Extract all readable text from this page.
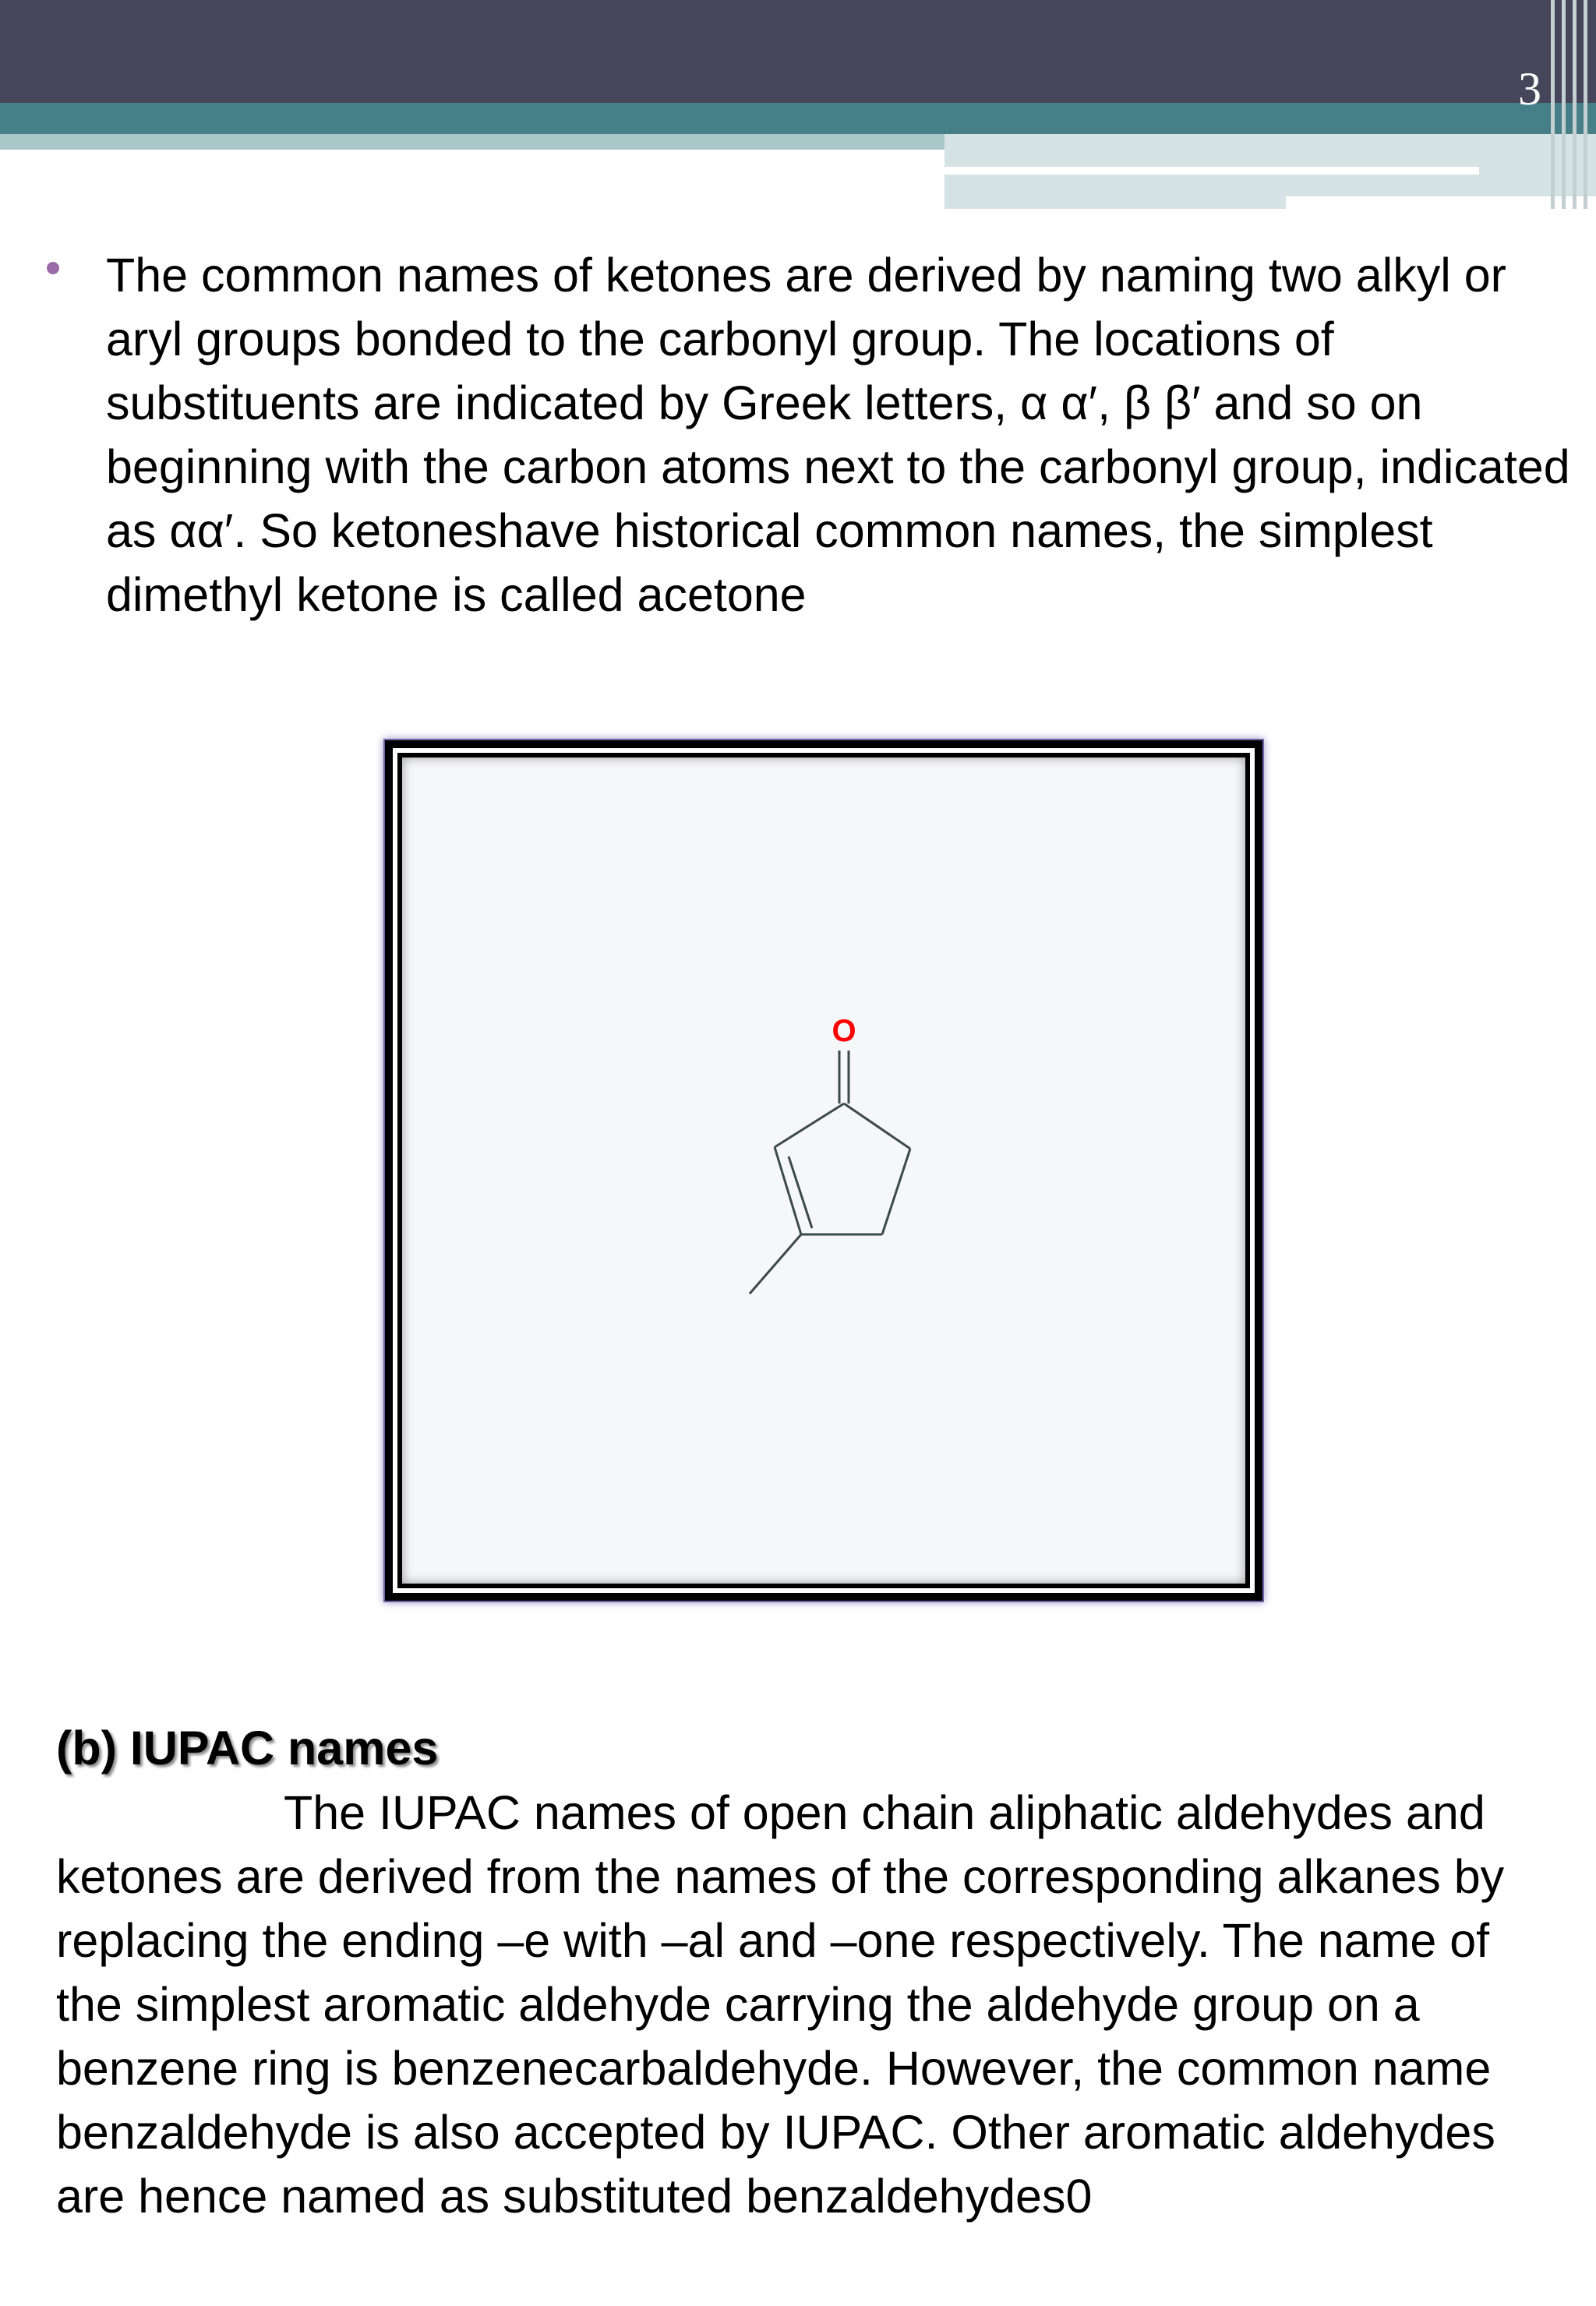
3

The common names of ketones are derived by naming two alkyl or aryl groups bonded to the carbonyl group. The locations of substituents are indicated by Greek letters, α α′, β β′ and so on beginning with the carbon atoms next to the carbonyl group, indicated as αα′. So ketoneshave historical common names, the simplest dimethyl ketone is called acetone

O
(b) IUPAC names

The IUPAC names of open chain aliphatic aldehydes and ketones are derived from the names of the corresponding alkanes by replacing the ending –e with –al and –one respectively. The name of the simplest aromatic aldehyde carrying the aldehyde group on a benzene ring is benzenecarbaldehyde. However, the common name benzaldehyde is also accepted by IUPAC. Other aromatic aldehydes are hence named as substituted benzaldehydes0
